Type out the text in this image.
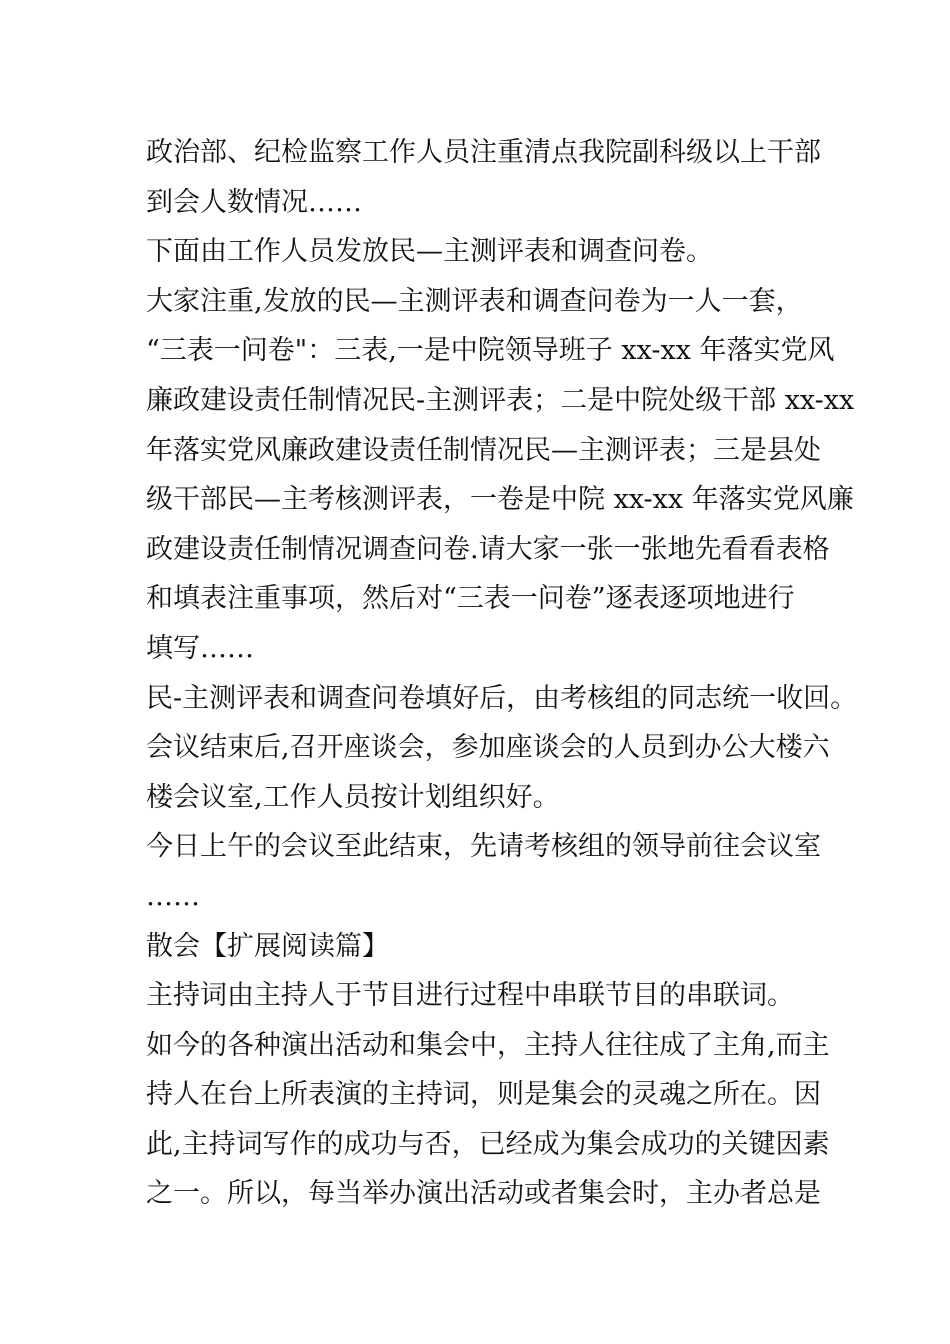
政治部、纪检监察工作人员注重清点我院副科级以上干部
到会人数情况……
下面由工作人员发放民—主测评表和调查问卷。
大家注重,发放的民—主测评表和调查问卷为一人一套，
“三表一问卷"：三表,一是中院领导班子 xx-xx 年落实党风
廉政建设责任制情况民-主测评表；二是中院处级干部 xx-xx
年落实党风廉政建设责任制情况民—主测评表；三是县处
级干部民—主考核测评表，一卷是中院 xx-xx 年落实党风廉
政建设责任制情况调查问卷.请大家一张一张地先看看表格
和填表注重事项，然后对“三表一问卷”逐表逐项地进行
填写……
民-主测评表和调查问卷填好后，由考核组的同志统一收回。
会议结束后,召开座谈会，参加座谈会的人员到办公大楼六
楼会议室,工作人员按计划组织好。
今日上午的会议至此结束，先请考核组的领导前往会议室
……
散会【扩展阅读篇】
主持词由主持人于节目进行过程中串联节目的串联词。
如今的各种演出活动和集会中，主持人往往成了主角,而主
持人在台上所表演的主持词，则是集会的灵魂之所在。因
此,主持词写作的成功与否，已经成为集会成功的关键因素
之一。所以，每当举办演出活动或者集会时，主办者总是
